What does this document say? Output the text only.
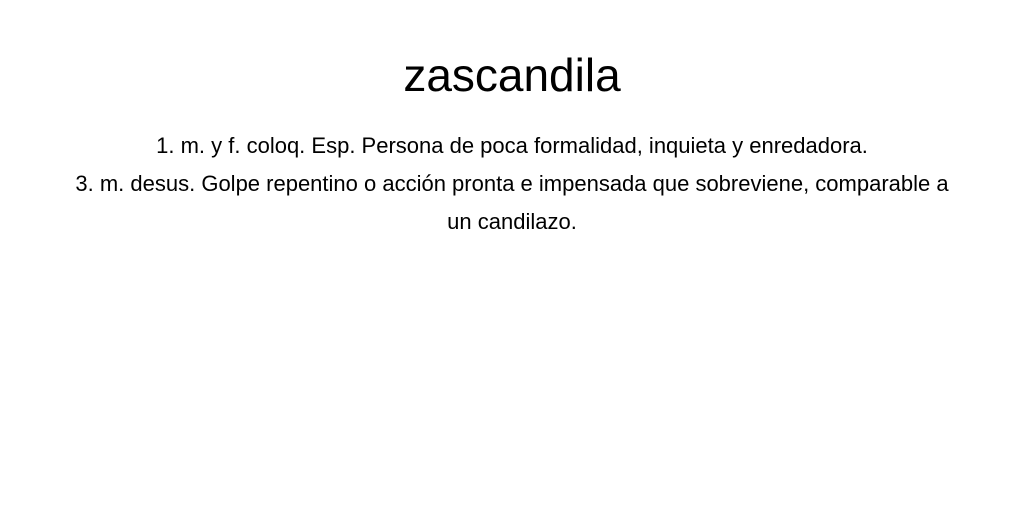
zascandila

1. m. y f. coloq. Esp. Persona de poca formalidad, inquieta y enredadora.

3. m. desus. Golpe repentino o acción pronta e impensada que sobreviene, comparable a un candilazo.
